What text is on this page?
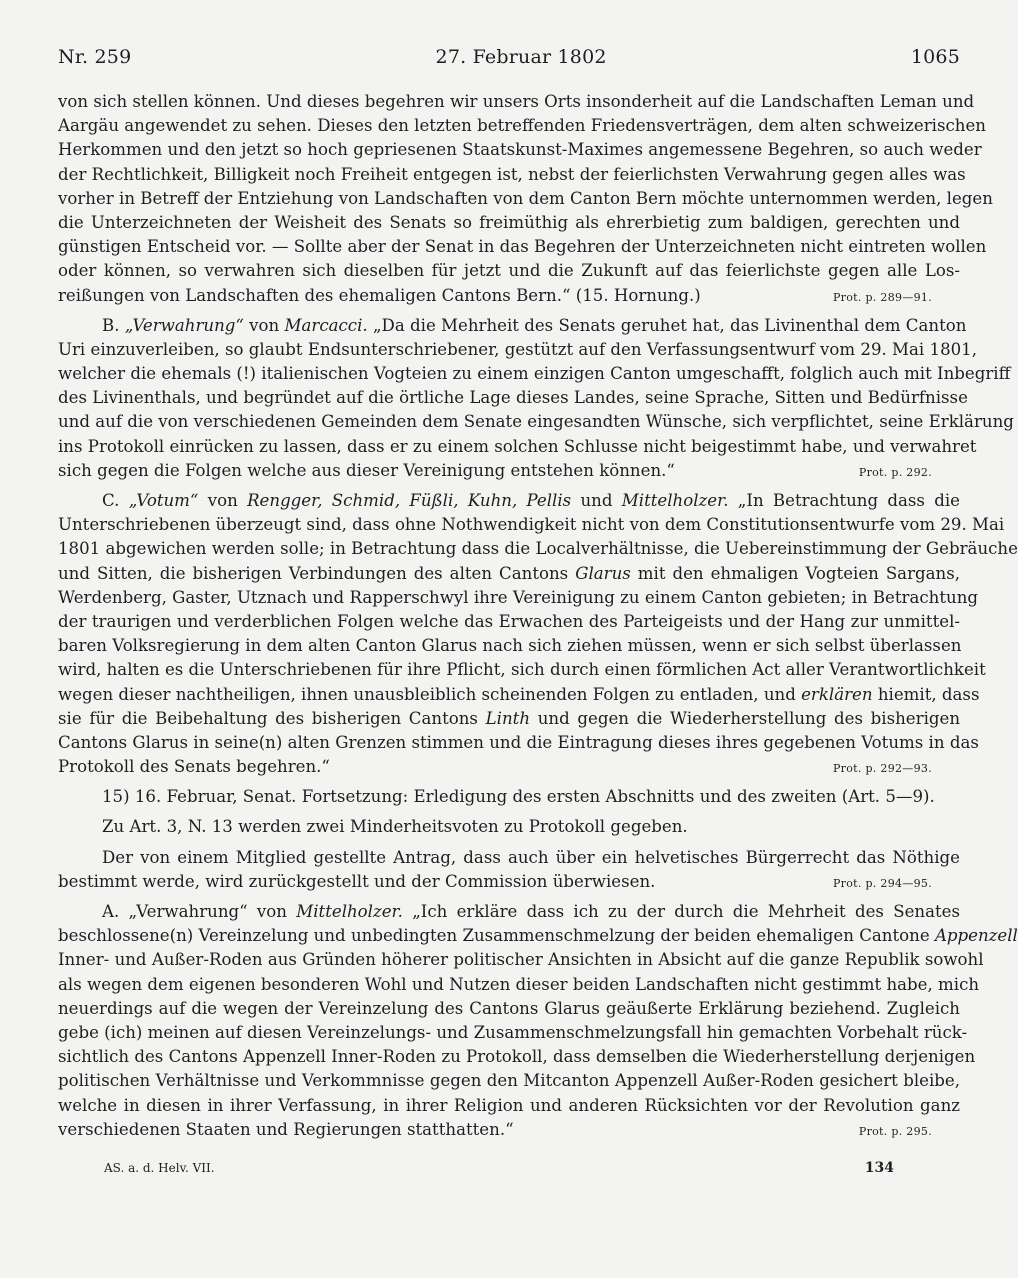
Nr. 259	27. Februar 1802	1065
von sich stellen können. Und dieses begehren wir unsers Orts insonderheit auf die Landschaften Leman und
Aargäu angewendet zu sehen. Dieses den letzten betreffenden Friedensverträgen, dem alten schweizerischen
Herkommen und den jetzt so hoch gepriesenen Staatskunst-Maximes angemessene Begehren, so auch weder
der Rechtlichkeit, Billigkeit noch Freiheit entgegen ist, nebst der feierlichsten Verwahrung gegen alles was
vorher in Betreff der Entziehung von Landschaften von dem Canton Bern möchte unternommen werden, legen
die Unterzeichneten der Weisheit des Senats so freimüthig als ehrerbietig zum baldigen, gerechten und
günstigen Entscheid vor. — Sollte aber der Senat in das Begehren der Unterzeichneten nicht eintreten wollen
oder können, so verwahren sich dieselben für jetzt und die Zukunft auf das feierlichste gegen alle Los-
reißungen von Landschaften des ehemaligen Cantons Bern.“ (15. Hornung.)	Prot. p. 289—91.
B. „Verwahrung“ von Marcacci. „Da die Mehrheit des Senats geruhet hat, das Livinenthal dem Canton
Uri einzuverleiben, so glaubt Endsunterschriebener, gestützt auf den Verfassungsentwurf vom 29. Mai 1801,
welcher die ehemals (!) italienischen Vogteien zu einem einzigen Canton umgeschafft, folglich auch mit Inbegriff
des Livinenthals, und begründet auf die örtliche Lage dieses Landes, seine Sprache, Sitten und Bedürfnisse
und auf die von verschiedenen Gemeinden dem Senate eingesandten Wünsche, sich verpflichtet, seine Erklärung
ins Protokoll einrücken zu lassen, dass er zu einem solchen Schlusse nicht beigestimmt habe, und verwahret
sich gegen die Folgen welche aus dieser Vereinigung entstehen können.“	Prot. p. 292.
C. „Votum“ von Rengger, Schmid, Füßli, Kuhn, Pellis und Mittelholzer. „In Betrachtung dass die
Unterschriebenen überzeugt sind, dass ohne Nothwendigkeit nicht von dem Constitutionsentwurfe vom 29. Mai
1801 abgewichen werden solle; in Betrachtung dass die Localverhältnisse, die Uebereinstimmung der Gebräuche
und Sitten, die bisherigen Verbindungen des alten Cantons Glarus mit den ehmaligen Vogteien Sargans,
Werdenberg, Gaster, Utznach und Rapperschwyl ihre Vereinigung zu einem Canton gebieten; in Betrachtung
der traurigen und verderblichen Folgen welche das Erwachen des Parteigeists und der Hang zur unmittel-
baren Volksregierung in dem alten Canton Glarus nach sich ziehen müssen, wenn er sich selbst überlassen
wird, halten es die Unterschriebenen für ihre Pflicht, sich durch einen förmlichen Act aller Verantwortlichkeit
wegen dieser nachtheiligen, ihnen unausbleiblich scheinenden Folgen zu entladen, und erklären hiemit, dass
sie für die Beibehaltung des bisherigen Cantons Linth und gegen die Wiederherstellung des bisherigen
Cantons Glarus in seine(n) alten Grenzen stimmen und die Eintragung dieses ihres gegebenen Votums in das
Protokoll des Senats begehren.“	Prot. p. 292—93.
15) 16. Februar, Senat. Fortsetzung: Erledigung des ersten Abschnitts und des zweiten (Art. 5—9).
Zu Art. 3, N. 13 werden zwei Minderheitsvoten zu Protokoll gegeben.
Der von einem Mitglied gestellte Antrag, dass auch über ein helvetisches Bürgerrecht das Nöthige
bestimmt werde, wird zurückgestellt und der Commission überwiesen.	Prot. p. 294—95.
A. „Verwahrung“ von Mittelholzer. „Ich erkläre dass ich zu der durch die Mehrheit des Senates
beschlossene(n) Vereinzelung und unbedingten Zusammenschmelzung der beiden ehemaligen Cantone Appenzell
Inner- und Außer-Roden aus Gründen höherer politischer Ansichten in Absicht auf die ganze Republik sowohl
als wegen dem eigenen besonderen Wohl und Nutzen dieser beiden Landschaften nicht gestimmt habe, mich
neuerdings auf die wegen der Vereinzelung des Cantons Glarus geäußerte Erklärung beziehend. Zugleich
gebe (ich) meinen auf diesen Vereinzelungs- und Zusammenschmelzungsfall hin gemachten Vorbehalt rück-
sichtlich des Cantons Appenzell Inner-Roden zu Protokoll, dass demselben die Wiederherstellung derjenigen
politischen Verhältnisse und Verkommnisse gegen den Mitcanton Appenzell Außer-Roden gesichert bleibe,
welche in diesen in ihrer Verfassung, in ihrer Religion und anderen Rücksichten vor der Revolution ganz
verschiedenen Staaten und Regierungen statthatten.“	Prot. p. 295.
AS. a. d. Helv. VII.	134
